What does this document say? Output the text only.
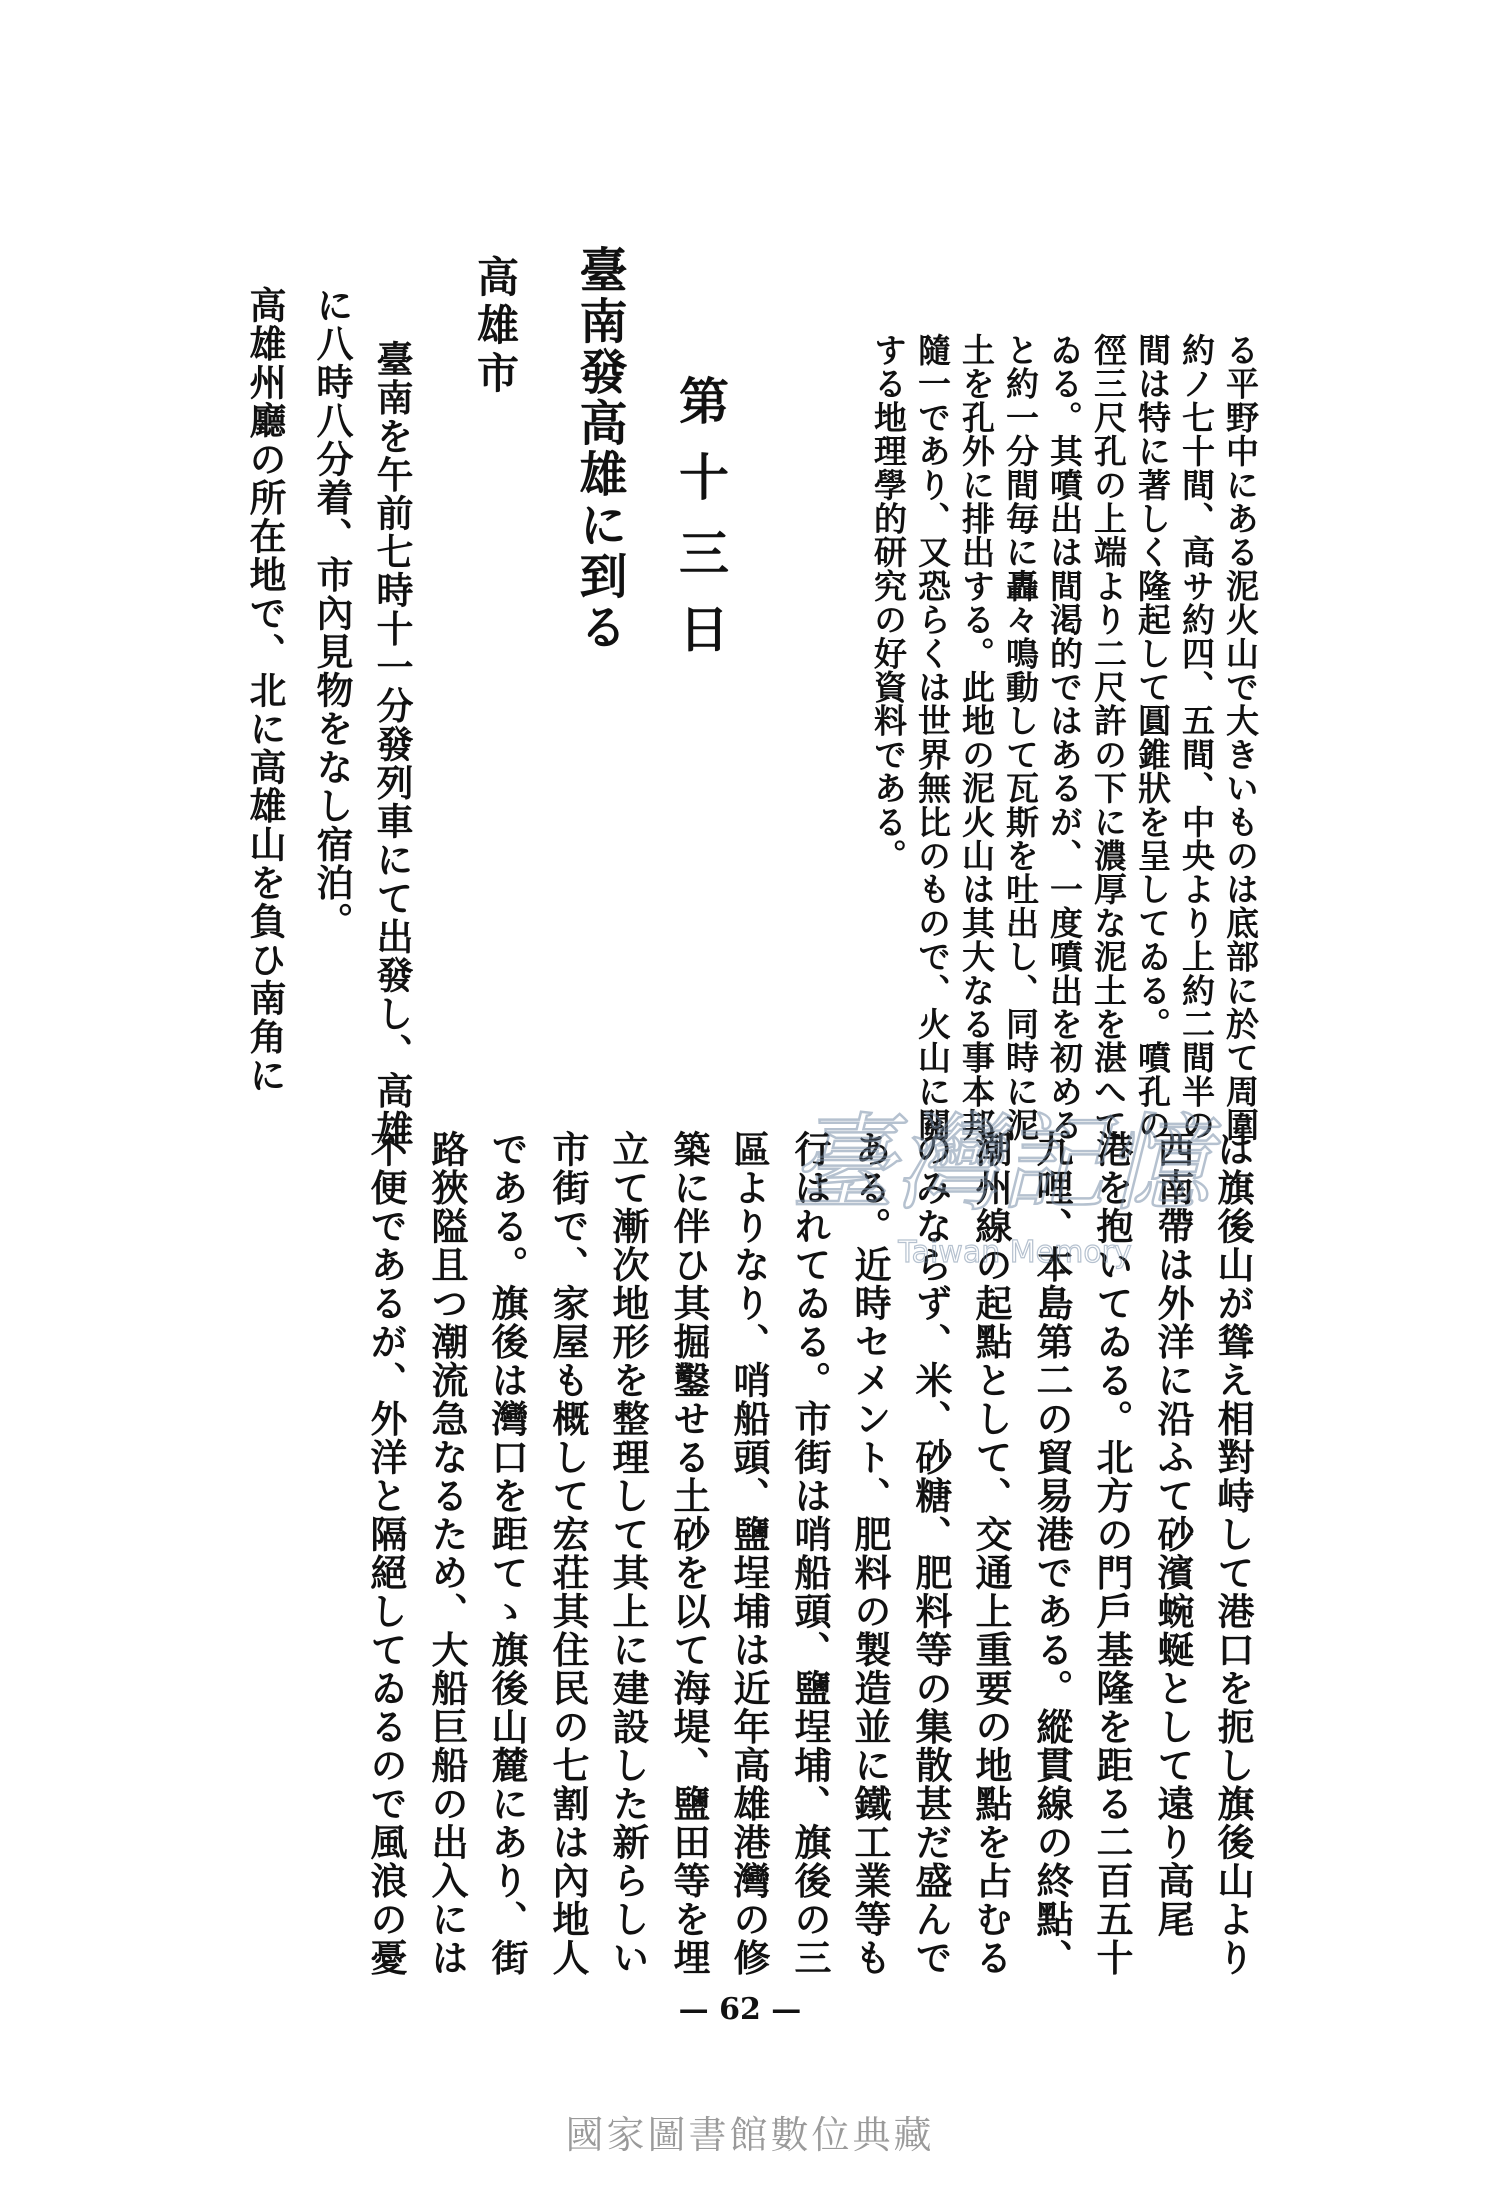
る平野中にある泥火山で大きいものは底部に於て周圍
約ノ七十間、高サ約四、五間、中央より上約二間半の
間は特に著しく隆起して圓錐狀を呈してゐる。噴孔の
徑三尺孔の上端より二尺許の下に濃厚な泥土を湛へて
ゐる。其噴出は間渇的ではあるが、一度噴出を初める
と約一分間毎に轟々鳴動して瓦斯を吐出し、同時に泥
土を孔外に排出する。此地の泥火山は其大なる事本邦
隨一であり、又恐らくは世界無比のもので、火山に關
する地理學的研究の好資料である。
第十三日
臺南發高雄に到る
高雄市
臺南を午前七時十一分發列車にて出發し、高雄
に八時八分着、市內見物をなし宿泊。
高雄州廳の所在地で、北に高雄山を負ひ南角に
は旗後山が聳え相對峙して港口を扼し旗後山より
西南帶は外洋に沿ふて砂濱蜿蜒として遠り高尾
港を抱いてゐる。北方の門戶基隆を距る二百五十
九哩、本島第二の貿易港である。縱貫線の終點、
潮州線の起點として、交通上重要の地點を占むる
のみならず、米、砂糖、肥料等の集散甚だ盛んで
ある。近時セメント、肥料の製造並に鐵工業等も
行はれてゐる。市街は哨船頭、鹽埕埔、旗後の三
區よりなり、哨船頭、鹽埕埔は近年高雄港灣の修
築に伴ひ其掘鑿せる土砂を以て海堤、鹽田等を埋
立て漸次地形を整理して其上に建設した新らしい
市街で、家屋も概して宏荘其住民の七割は內地人
である。旗後は灣口を距てゝ旗後山麓にあり、街
路狹隘且つ潮流急なるため、大船巨船の出入には
不便であるが、外洋と隔絕してゐるので風浪の憂	臺灣記憶
Taiwan Memory
— 62 —
國家圖書館數位典藏
